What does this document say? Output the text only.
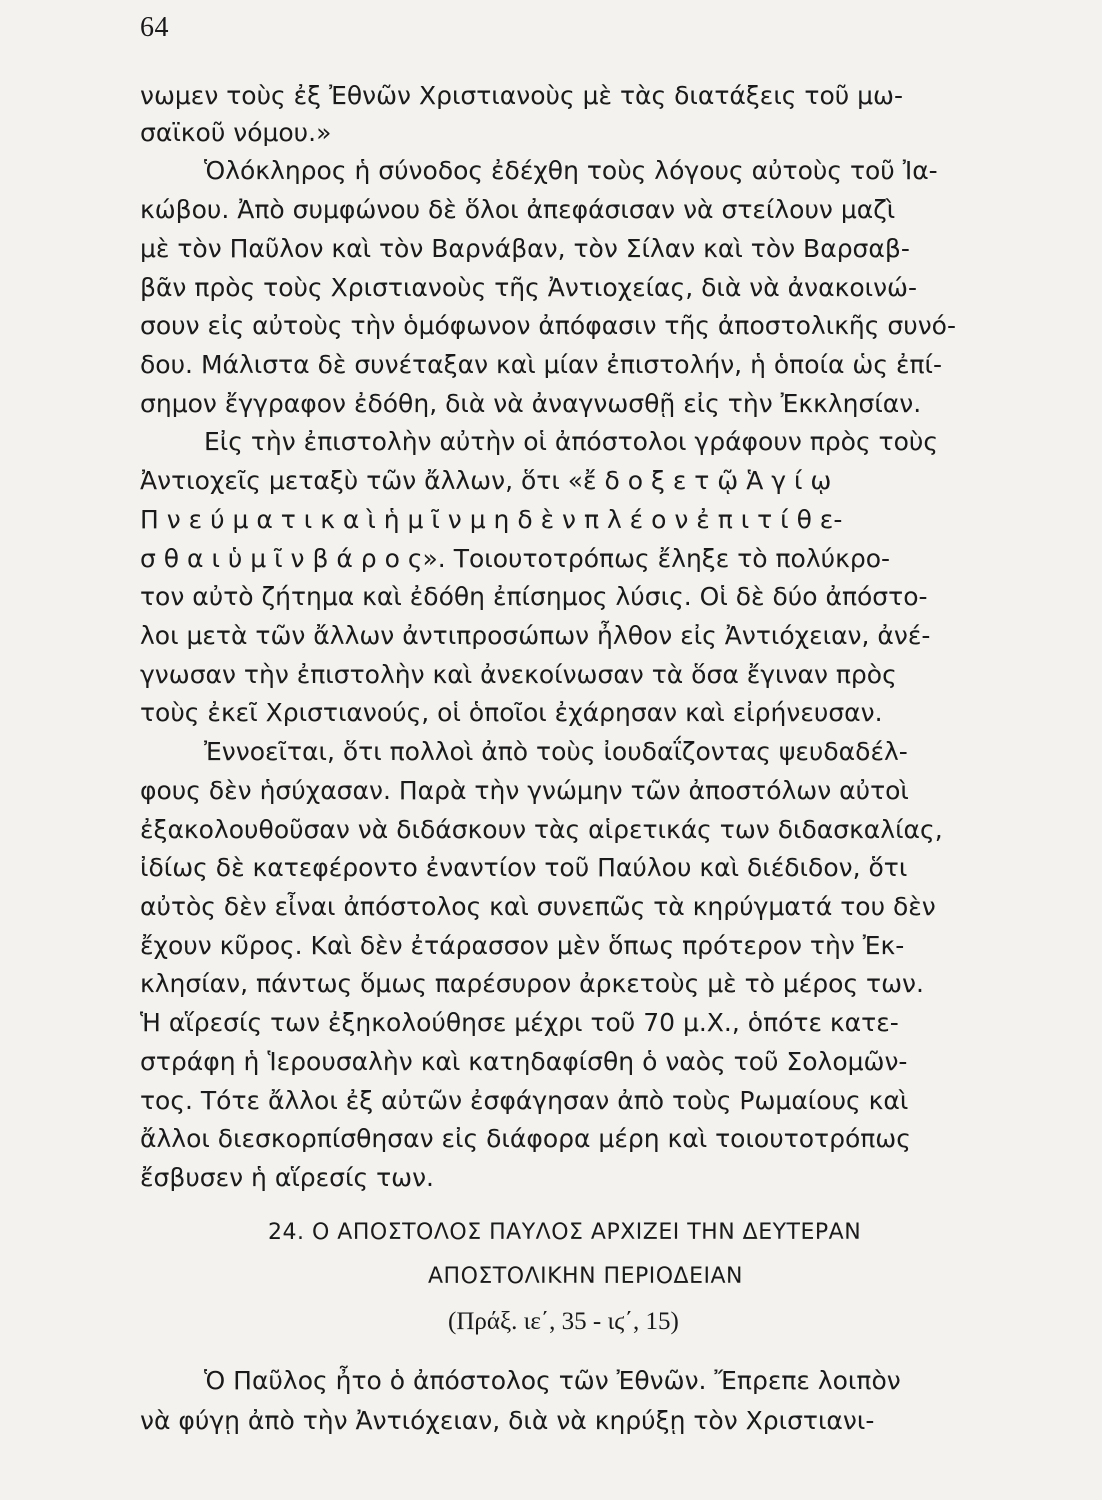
64
νωμεν τοὺς ἐξ Ἐθνῶν Χριστιανοὺς μὲ τὰς διατάξεις τοῦ μω-
σαϊκοῦ νόμου.»
Ὁλόκληρος ἡ σύνοδος ἐδέχθη τοὺς λόγους αὐτοὺς τοῦ Ἰα-
κώβου. Ἀπὸ συμφώνου δὲ ὅλοι ἀπεφάσισαν νὰ στείλουν μαζὶ
μὲ τὸν Παῦλον καὶ τὸν Βαρνάβαν, τὸν Σίλαν καὶ τὸν Βαρσαβ-
βᾶν πρὸς τοὺς Χριστιανοὺς τῆς Ἀντιοχείας, διὰ νὰ ἀνακοινώ-
σουν εἰς αὐτοὺς τὴν ὁμόφωνον ἀπόφασιν τῆς ἀποστολικῆς συνό-
δου. Μάλιστα δὲ συνέταξαν καὶ μίαν ἐπιστολήν, ἡ ὁποία ὡς ἐπί-
σημον ἔγγραφον ἐδόθη, διὰ νὰ ἀναγνωσθῇ εἰς τὴν Ἐκκλησίαν.
Εἰς τὴν ἐπιστολὴν αὐτὴν οἱ ἀπόστολοι γράφουν πρὸς τοὺς
Ἀντιοχεῖς μεταξὺ τῶν ἄλλων, ὅτι «ἔ δ ο ξ ε τ ῷ Ἁ γ ί ῳ
Π ν ε ύ μ α τ ι κ α ὶ ἡ μ ῖ ν μ η δ ὲ ν π λ έ ο ν ἐ π ι τ ί θ ε-
σ θ α ι ὑ μ ῖ ν β ά ρ ο ς». Τοιουτοτρόπως ἔληξε τὸ πολύκρο-
τον αὐτὸ ζήτημα καὶ ἐδόθη ἐπίσημος λύσις. Οἱ δὲ δύο ἀπόστο-
λοι μετὰ τῶν ἄλλων ἀντιπροσώπων ἦλθον εἰς Ἀντιόχειαν, ἀνέ-
γνωσαν τὴν ἐπιστολὴν καὶ ἀνεκοίνωσαν τὰ ὅσα ἔγιναν πρὸς
τοὺς ἐκεῖ Χριστιανούς, οἱ ὁποῖοι ἐχάρησαν καὶ εἰρήνευσαν.
Ἐννοεῖται, ὅτι πολλοὶ ἀπὸ τοὺς ἰουδαΐζοντας ψευδαδέλ-
φους δὲν ἡσύχασαν. Παρὰ τὴν γνώμην τῶν ἀποστόλων αὐτοὶ
ἐξακολουθοῦσαν νὰ διδάσκουν τὰς αἱρετικάς των διδασκαλίας,
ἰδίως δὲ κατεφέροντο ἐναντίον τοῦ Παύλου καὶ διέδιδον, ὅτι
αὐτὸς δὲν εἶναι ἀπόστολος καὶ συνεπῶς τὰ κηρύγματά του δὲν
ἔχουν κῦρος. Καὶ δὲν ἐτάρασσον μὲν ὅπως πρότερον τὴν Ἐκ-
κλησίαν, πάντως ὅμως παρέσυρον ἀρκετοὺς μὲ τὸ μέρος των.
Ἡ αἵρεσίς των ἐξηκολούθησε μέχρι τοῦ 70 μ.Χ., ὁπότε κατε-
στράφη ἡ Ἱερουσαλὴν καὶ κατηδαφίσθη ὁ ναὸς τοῦ Σολομῶν-
τος. Τότε ἄλλοι ἐξ αὐτῶν ἐσφάγησαν ἀπὸ τοὺς Ρωμαίους καὶ
ἄλλοι διεσκορπίσθησαν εἰς διάφορα μέρη καὶ τοιουτοτρόπως
ἔσβυσεν ἡ αἵρεσίς των.
24. Ο ΑΠΟΣΤΟΛΟΣ ΠΑΥΛΟΣ ΑΡΧΙΖΕΙ ΤΗΝ ΔΕΥΤΕΡΑΝ
ΑΠΟΣΤΟΛΙΚΗΝ ΠΕΡΙΟΔΕΙΑΝ
(Πράξ. ιε΄, 35 - ιϛ΄, 15)
Ὁ Παῦλος ἦτο ὁ ἀπόστολος τῶν Ἐθνῶν. Ἔπρεπε λοιπὸν
νὰ φύγῃ ἀπὸ τὴν Ἀντιόχειαν, διὰ νὰ κηρύξῃ τὸν Χριστιανι-
